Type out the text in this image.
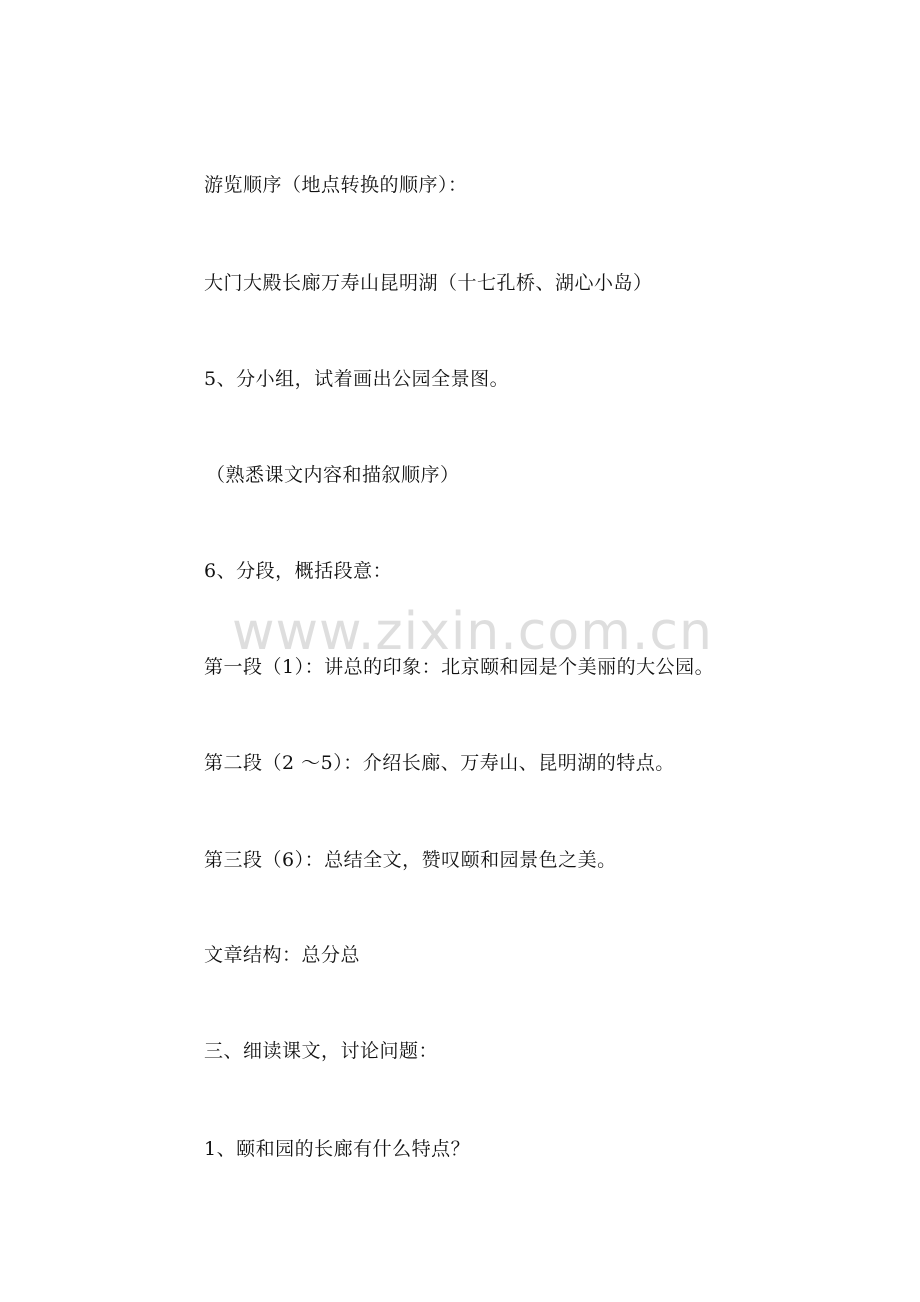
游览顺序（地点转换的顺序）：
大门大殿长廊万寿山昆明湖（十七孔桥、湖心小岛）
5、分小组，试着画出公园全景图。
（熟悉课文内容和描叙顺序）
6、分段，概括段意：
第一段（1）：讲总的印象：北京颐和园是个美丽的大公园。
第二段（2 ～5）：介绍长廊、万寿山、昆明湖的特点。
第三段（6）：总结全文，赞叹颐和园景色之美。
文章结构：总分总
三、细读课文，讨论问题：
1、颐和园的长廊有什么特点？
www.zixin.com.cn
